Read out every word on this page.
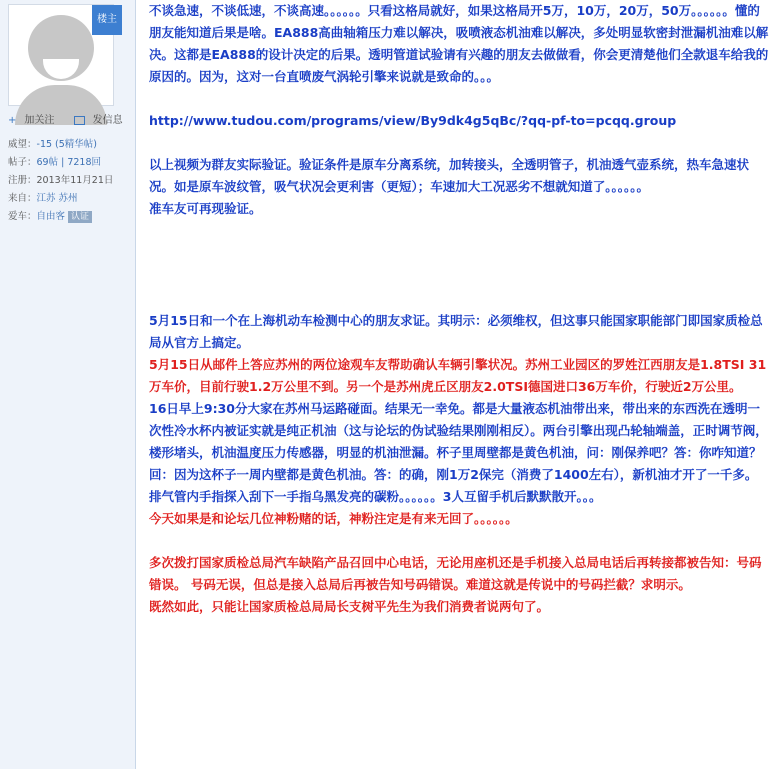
楼主
+ 加关注	发信息
威望：-15 (5精华帖)
帖子：69帖 | 7218回
注册：2013年11月21日
来自：江苏 苏州
爱车：自由客 认证

不谈急速，不谈低速，不谈高速。。。。。。只看这格局就好，如果这格局开5万，10万，20万，50万。。。。。。懂的朋友能知道后果是啥。EA888高曲轴箱压力难以解决，吸喷液态机油难以解决，多处明显软密封泄漏机油难以解决。这都是EA888的设计决定的后果。透明管道试验请有兴趣的朋友去做做看，你会更清楚他们全款退车给我的原因的。因为，这对一台直喷废气涡轮引擎来说就是致命的。。。

http://www.tudou.com/programs/view/By9dk4g5qBc/?qq-pf-to=pcqq.group

以上视频为群友实际验证。验证条件是原车分离系统，加转接头，全透明管子，机油透气壶系统，热车急速状况。如是原车波纹管，吸气状况会更利害（更短）；车速加大工况恶劣不想就知道了。。。。。。

准车友可再现验证。

5月15日和一个在上海机动车检测中心的朋友求证。其明示：必须维权，但这事只能国家职能部门即国家质检总局从官方上搞定。

5月15日从邮件上答应苏州的两位途观车友帮助确认车辆引擎状况。苏州工业园区的罗姓江西朋友是1.8TSI 31万车价，目前行驶1.2万公里不到。另一个是苏州虎丘区朋友2.0TSI德国进口36万车价，行驶近2万公里。

16日早上9:30分大家在苏州马运路碰面。结果无一幸免。都是大量液态机油带出来，带出来的东西洗在透明一次性冷水杯内被证实就是纯正机油（这与论坛的伪试验结果刚刚相反）。两台引擎出现凸轮轴端盖，正时调节阀，楼形堵头，机油温度压力传感器，明显的机油泄漏。杯子里周壁都是黄色机油，问：刚保养吧？答：你咋知道？回：因为这杯子一周内壁都是黄色机油。答：的确，刚1万2保完（消费了1400左右），新机油才开了一千多。排气管内手指探入刮下一手指乌黑发亮的碳粉。。。。。。3人互留手机后默默散开。。。

今天如果是和论坛几位神粉赌的话，神粉注定是有来无回了。。。。。。

多次拨打国家质检总局汽车缺陷产品召回中心电话，无论用座机还是手机接入总局电话后再转接都被告知：号码错误。 号码无误，但总是接入总局后再被告知号码错误。难道这就是传说中的号码拦截？求明示。

既然如此，只能让国家质检总局局长支树平先生为我们消费者说两句了。
